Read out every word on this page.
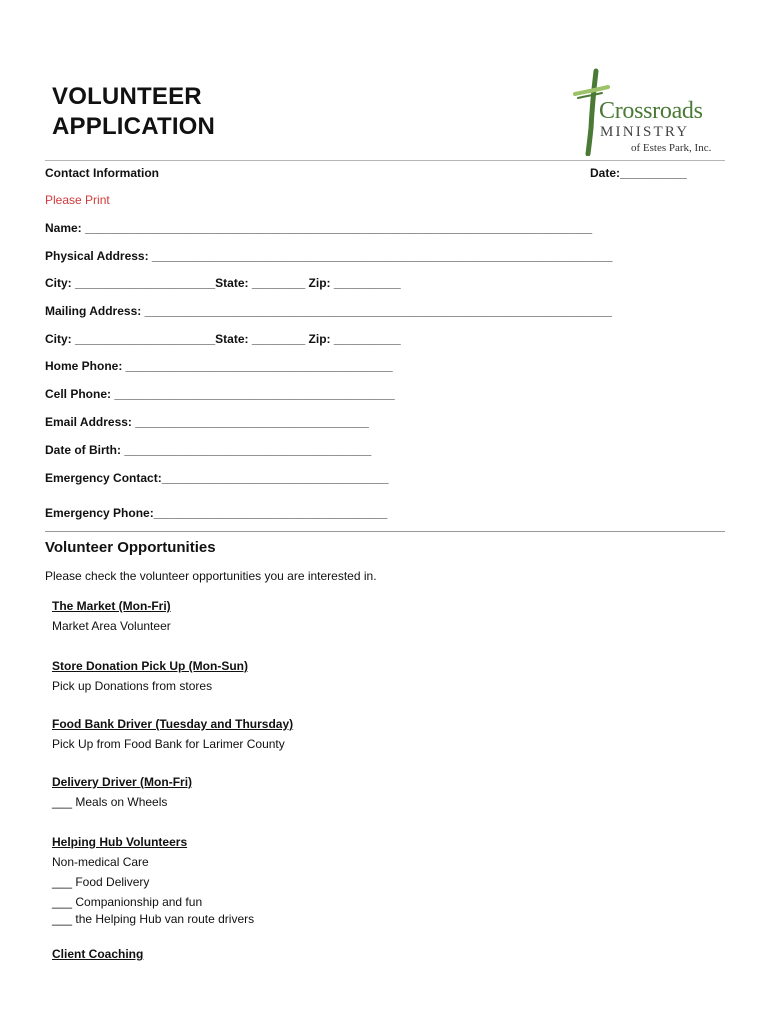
VOLUNTEER
APPLICATION
Crossroads
MINISTRY
of Estes Park, Inc.
Contact Information	Date:__________
Please Print
Name: ____________________________________________________________________________
Physical Address: _____________________________________________________________________
City: _____________________State: ________ Zip: __________
Mailing Address: ______________________________________________________________________
City: _____________________State: ________ Zip: __________
Home Phone: ________________________________________
Cell Phone: __________________________________________
Email Address: ___________________________________
Date of Birth: _____________________________________
Emergency Contact:__________________________________
Emergency Phone:___________________________________
Volunteer Opportunities
Please check the volunteer opportunities you are interested in.
The Market (Mon-Fri)
Market Area Volunteer
Store Donation Pick Up (Mon-Sun)
Pick up Donations from stores
Food Bank Driver (Tuesday and Thursday)
Pick Up from Food Bank for Larimer County
Delivery Driver (Mon-Fri)
___ Meals on Wheels
Helping Hub Volunteers
Non-medical Care
___ Food Delivery
___ Companionship and fun
___ the Helping Hub van route drivers
Client Coaching
